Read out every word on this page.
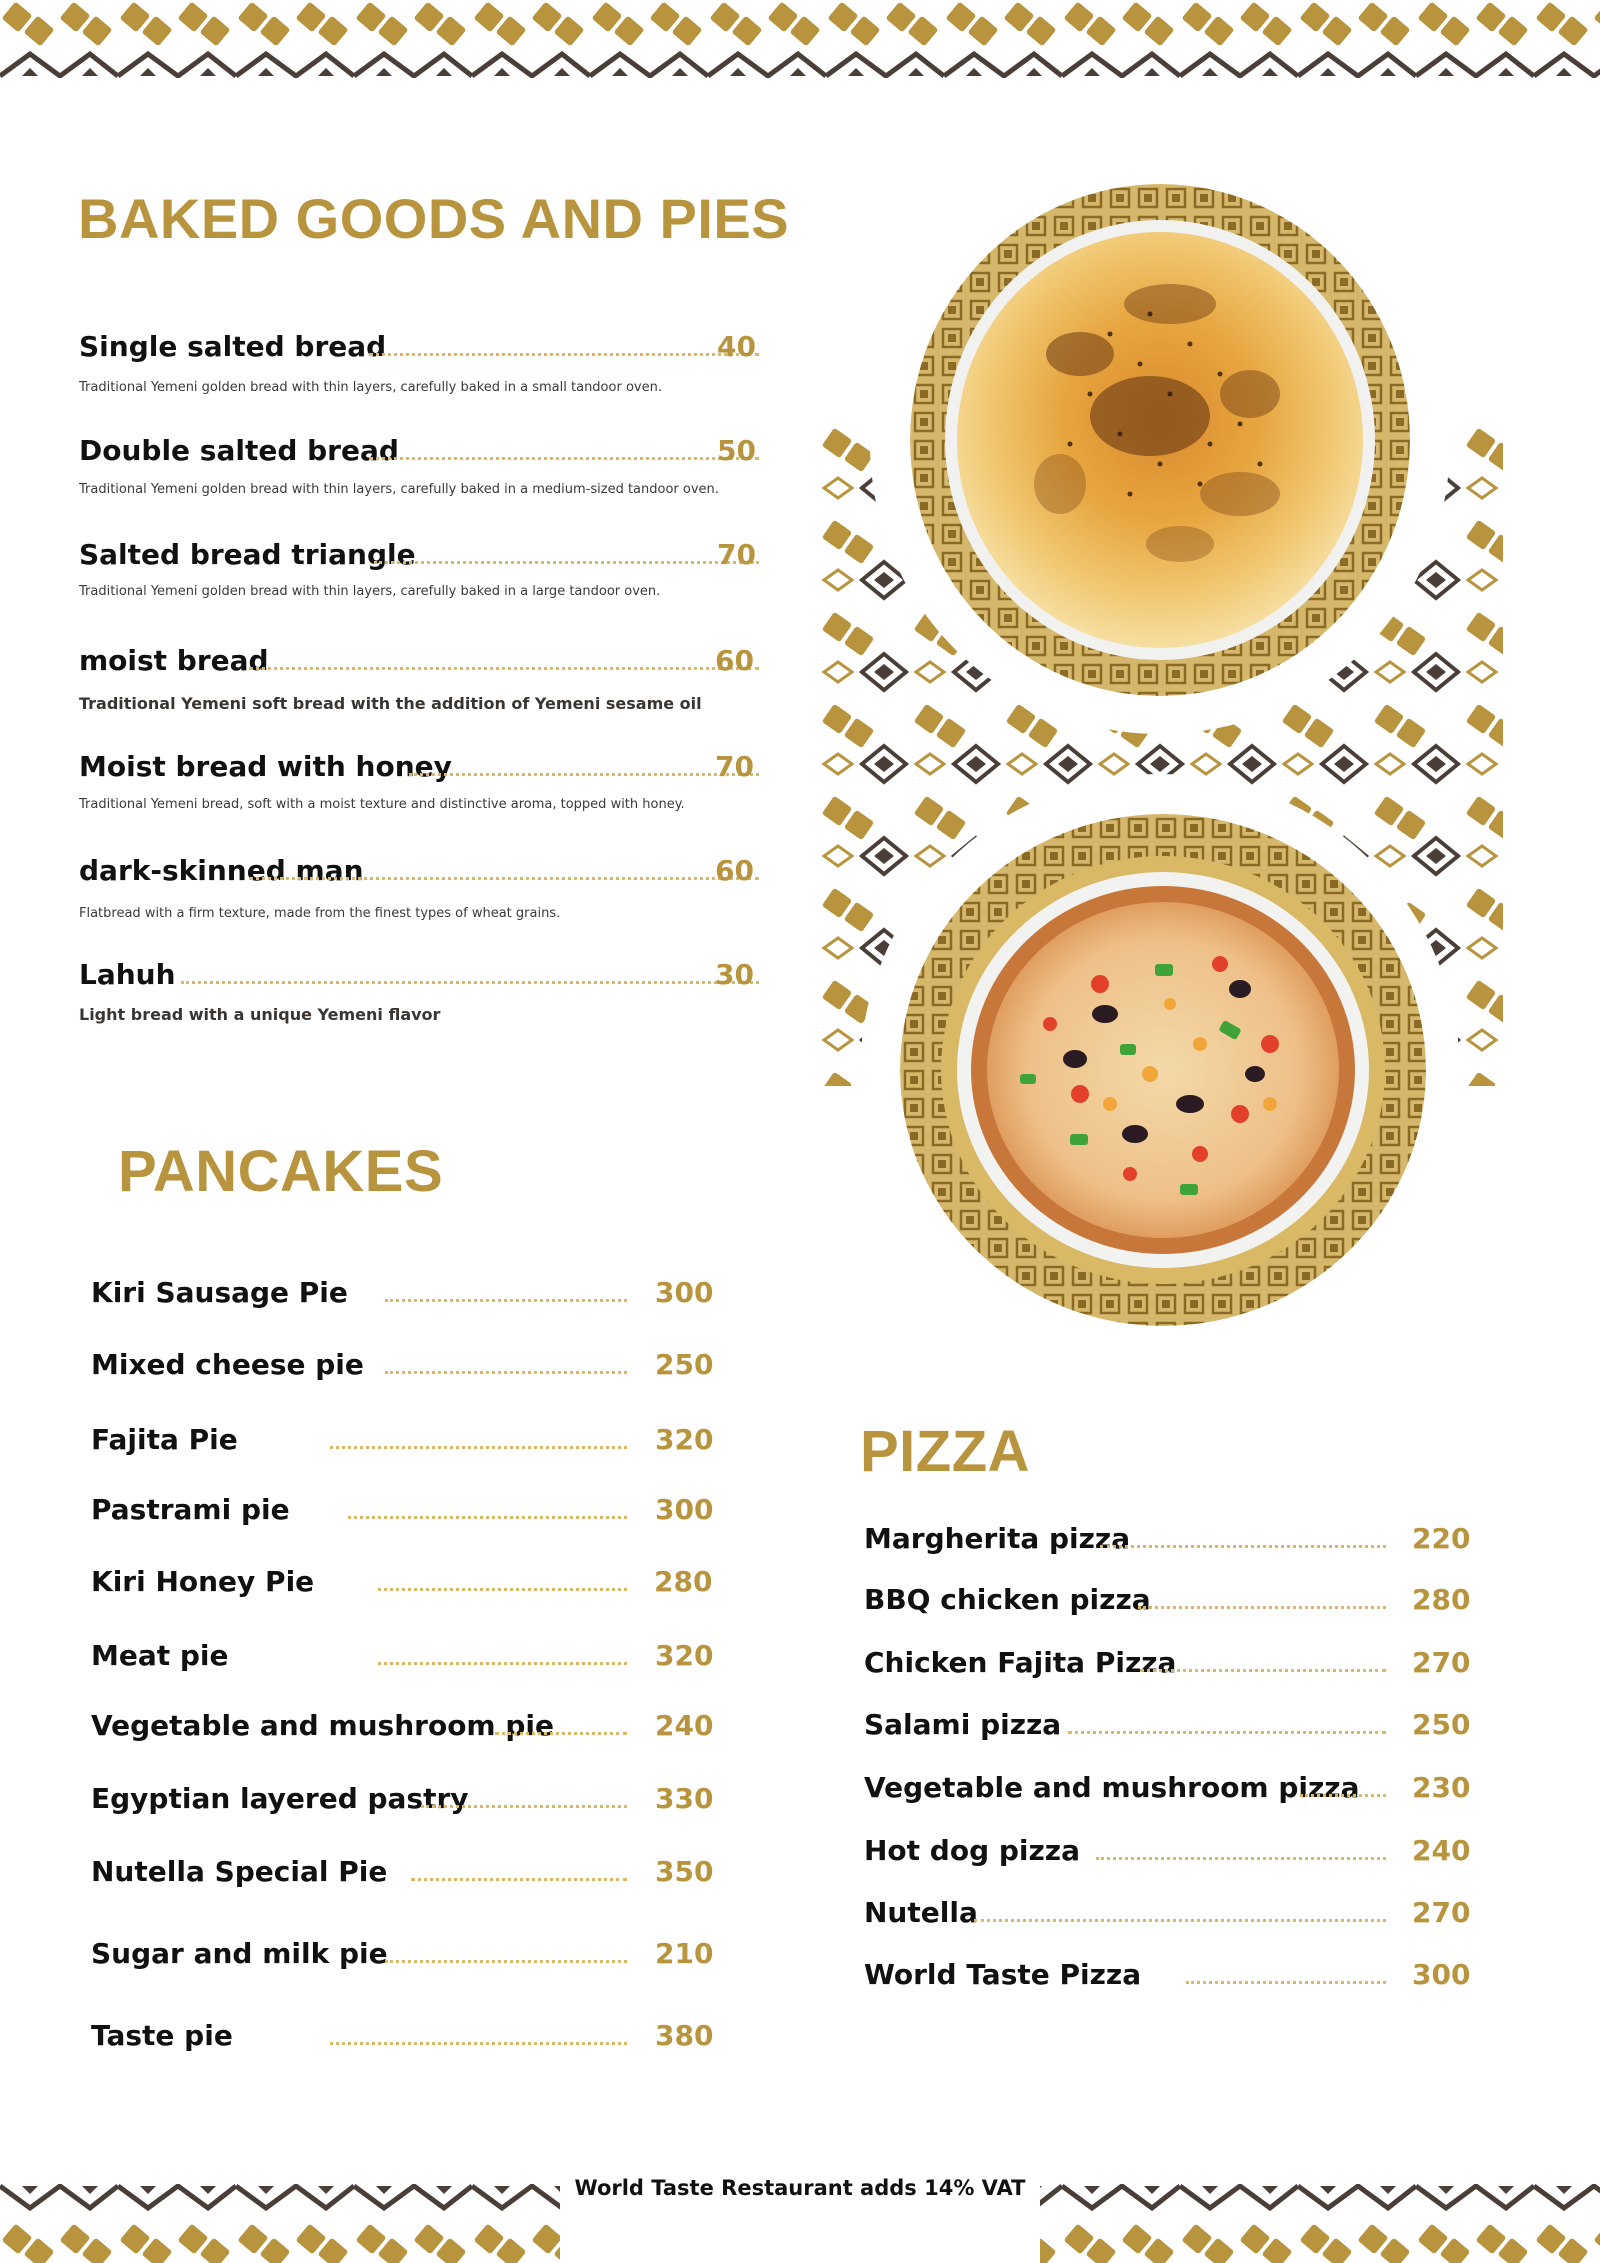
BAKED GOODS AND PIES
Single salted bread	40
Traditional Yemeni golden bread with thin layers, carefully baked in a small tandoor oven.
Double salted bread	50
Traditional Yemeni golden bread with thin layers, carefully baked in a medium-sized tandoor oven.
Salted bread triangle	70
Traditional Yemeni golden bread with thin layers, carefully baked in a large tandoor oven.
moist bread	60
Traditional Yemeni soft bread with the addition of Yemeni sesame oil
Moist bread with honey	70
Traditional Yemeni bread, soft with a moist texture and distinctive aroma, topped with honey.
dark-skinned man	60
Flatbread with a firm texture, made from the finest types of wheat grains.
Lahuh	30
Light bread with a unique Yemeni flavor
PANCAKES
Kiri Sausage Pie	300
Mixed cheese pie	250
Fajita Pie	320
Pastrami pie	300
Kiri Honey Pie	280
Meat pie	320
Vegetable and mushroom pie	240
Egyptian layered pastry	330
Nutella Special Pie	350
Sugar and milk pie	210
Taste pie	380
PIZZA
Margherita pizza	220
BBQ chicken pizza	280
Chicken Fajita Pizza	270
Salami pizza	250
Vegetable and mushroom pizza 230
Hot dog pizza	240
Nutella	270
World Taste Pizza	300
World Taste Restaurant adds 14% VAT
